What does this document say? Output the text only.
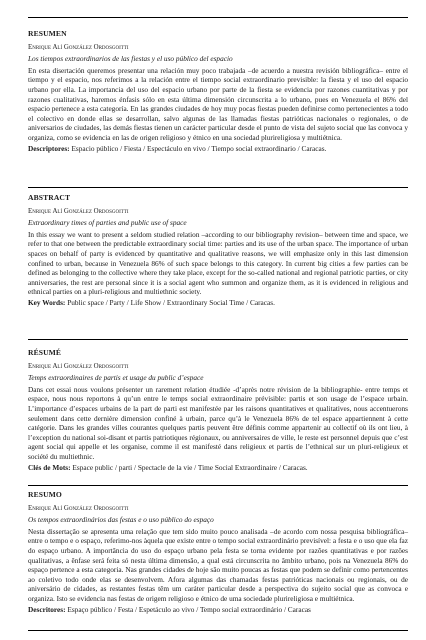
RESUMEN
Enrique Alí González Ordosgoitti
Los tiempos extraordinarios de las fiestas y el uso público del espacio

En esta disertación queremos presentar una relación muy poco trabajada –de acuerdo a nuestra revisión bibliográfica– entre el tiempo y el espacio, nos referimos a la relación entre el tiempo social extraordinario previsible: la fiesta y el uso del espacio urbano por ella. La importancia del uso del espacio urbano por parte de la fiesta se evidencia por razones cuantitativas y por razones cualitativas, haremos énfasis sólo en esta última dimensión circunscrita a lo urbano, pues en Venezuela el 86% del espacio pertenece a esta categoría. En las grandes ciudades de hoy muy pocas fiestas pueden definirse como pertenecientes a todo el colectivo en donde ellas se desarrollan, salvo algunas de las llamadas fiestas patrióticas nacionales o regionales, o de aniversarios de ciudades, las demás fiestas tienen un carácter particular desde el punto de vista del sujeto social que las convoca y organiza, como se evidencia en las de origen religioso y étnico en una sociedad plurireligiosa y multiétnica.

Descriptores: Espacio público / Fiesta / Espectáculo en vivo / Tiempo social extraordinario / Caracas.
ABSTRACT
Enrique Alí González Ordosgoitti
Extraordinary times of parties and public use of space

In this essay we want to present a seldom studied relation –according to our bibliography revision– between time and space, we refer to that one between the predictable extraordinary social time: parties and its use of the urban space. The importance of urban spaces on behalf of party is evidenced by quantitative and qualitative reasons, we will emphasize only in this last dimension confined to urban, because in Venezuela 86% of such space belongs to this category. In current big cities a few parties can be defined as belonging to the collective where they take place, except for the so-called national and regional patriotic parties, or city anniversaries, the rest are personal since it is a social agent who summon and organize them, as it is evidenced in religious and ethnical parties on a pluri-religious and multiethnic society.

Key Words: Public space / Party / Life Show / Extraordinary Social Time / Caracas.
RÉSUMÉ
Enrique Alí González Ordosgoitti
Temps extraordinaires de partis et usage du public d’espace

Dans cet essai nous voulons présenter un rarement relation étudiée -d’après notre révision de la bibliographie- entre temps et espace, nous nous reportons à qu’un entre le temps social extraordinaire prévisible: partis et son usage de l’espace urbain. L’importance d’espaces urbains de la part de parti est manifestée par les raisons quantitatives et qualitatives, nous accentuerons seulement dans cette dernière dimension confiné à urbain, parce qu’à le Venezuela 86% de tel espace appartiennent à cette catégorie. Dans les grandes villes courantes quelques partis peuvent être définis comme appartenir au collectif où ils ont lieu, à l’exception du national soi-disant et partis patriotiques régionaux, ou anniversaires de ville, le reste est personnel depuis que c’est agent social qui appelle et les organise, comme il est manifesté dans religieux et partis de l’ethnical sur un pluri-religieux et société du multiethnic.

Clés de Mots: Espace public / parti / Spectacle de la vie / Time Social Extraordinaire / Caracas.
RESUMO
Enrique Alí González Ordosgoitti
Os tempos extraordinários das festas e o uso público do espaço

Nesta dissertação se apresenta uma relação que tem sido muito pouco analisada –de acordo com nossa pesquisa bibliográfica– entre o tempo e o espaço, referimo-nos àquela que existe entre o tempo social extraordinário previsível: a festa e o uso que ela faz do espaço urbano. A importância do uso do espaço urbano pela festa se torna evidente por razões quantitativas e por razões qualitativas, a ênfase será feita só nesta última dimensão, a qual está circunscrita no âmbito urbano, pois na Venezuela 86% do espaço pertence a esta categoria. Nas grandes cidades de hoje são muito poucas as festas que podem se definir como pertencentes ao coletivo todo onde elas se desenvolvem. Afora algumas das chamadas festas patrióticas nacionais ou regionais, ou de aniversário de cidades, as restantes festas têm um caráter particular desde a perspectiva do sujeito social que as convoca e organiza. Isto se evidencia nas festas de origem religioso e étnico de uma sociedade plurireligiosa e multiétnica.

Descritores: Espaço público / Festa / Espetáculo ao vivo / Tempo social extraordinário / Caracas
